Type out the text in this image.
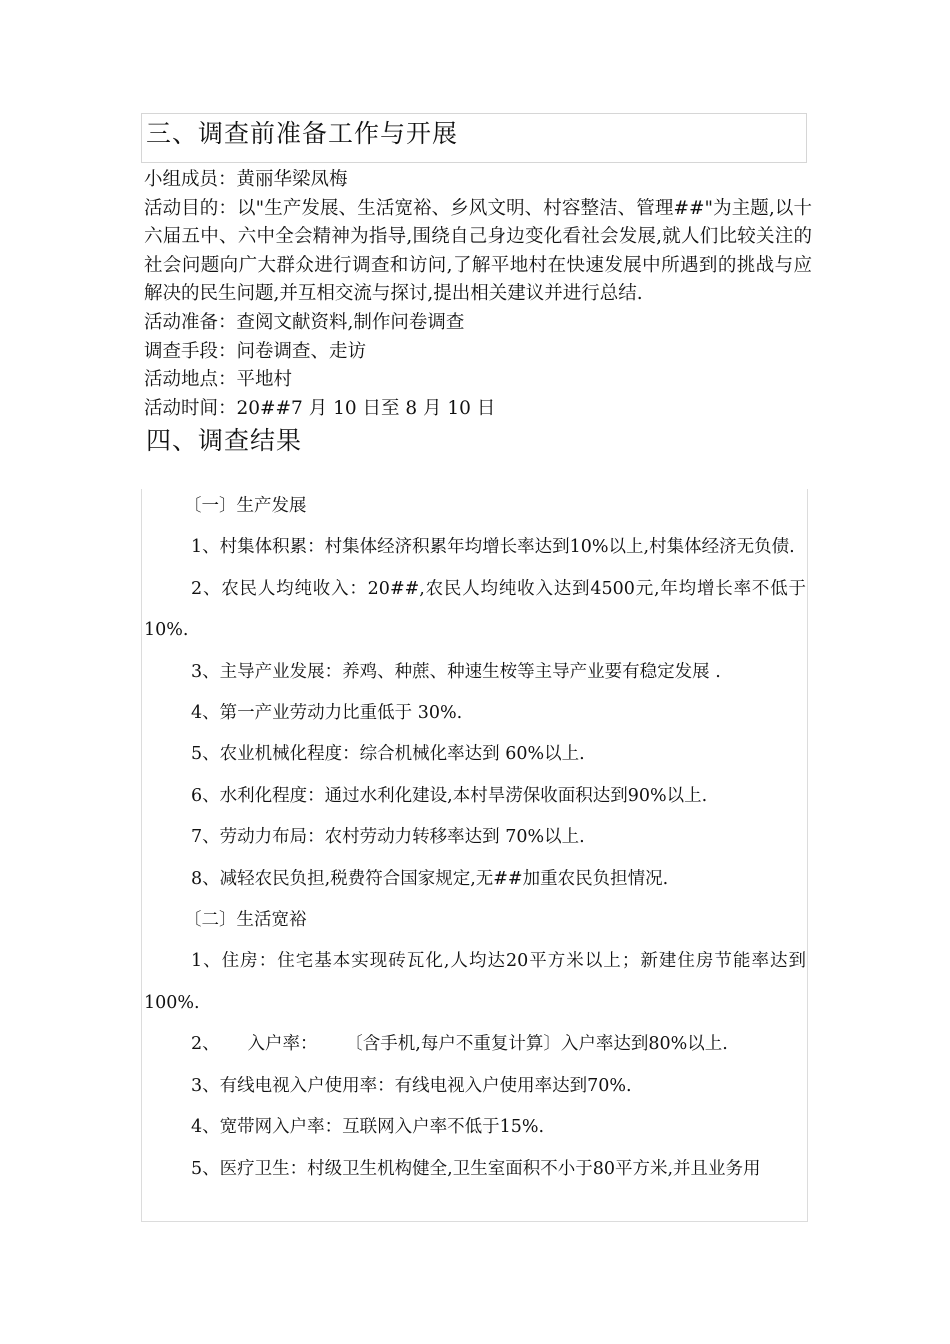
三、调查前准备工作与开展
小组成员：黄丽华梁凤梅
活动目的：以"生产发展、生活宽裕、乡风文明、村容整洁、管理##"为主题,以十六届五中、六中全会精神为指导,围绕自己身边变化看社会发展,就人们比较关注的社会问题向广大群众进行调查和访问,了解平地村在快速发展中所遇到的挑战与应解决的民生问题,并互相交流与探讨,提出相关建议并进行总结.
活动准备：查阅文献资料,制作问卷调查
调查手段：问卷调查、走访
活动地点：平地村
活动时间：20##7 月 10 日至 8 月 10 日
四、调查结果
〔一〕生产发展
1、村集体积累：村集体经济积累年均增长率达到10%以上,村集体经济无负债.
2、农民人均纯收入：20##,农民人均纯收入达到4500元,年均增长率不低于10%.
3、主导产业发展：养鸡、种蔗、种速生桉等主导产业要有稳定发展 .
4、第一产业劳动力比重低于 30%.
5、农业机械化程度：综合机械化率达到 60%以上.
6、水利化程度：通过水利化建设,本村旱涝保收面积达到90%以上.
7、劳动力布局：农村劳动力转移率达到 70%以上.
8、减轻农民负担,税费符合国家规定,无##加重农民负担情况.
〔二〕生活宽裕
1、住房：住宅基本实现砖瓦化,人均达20平方米以上；新建住房节能率达到100%.
2、     入户率：     〔含手机,每户不重复计算〕入户率达到80%以上.
3、有线电视入户使用率：有线电视入户使用率达到70%.
4、宽带网入户率：互联网入户率不低于15%.
5、医疗卫生：村级卫生机构健全,卫生室面积不小于80平方米,并且业务用
